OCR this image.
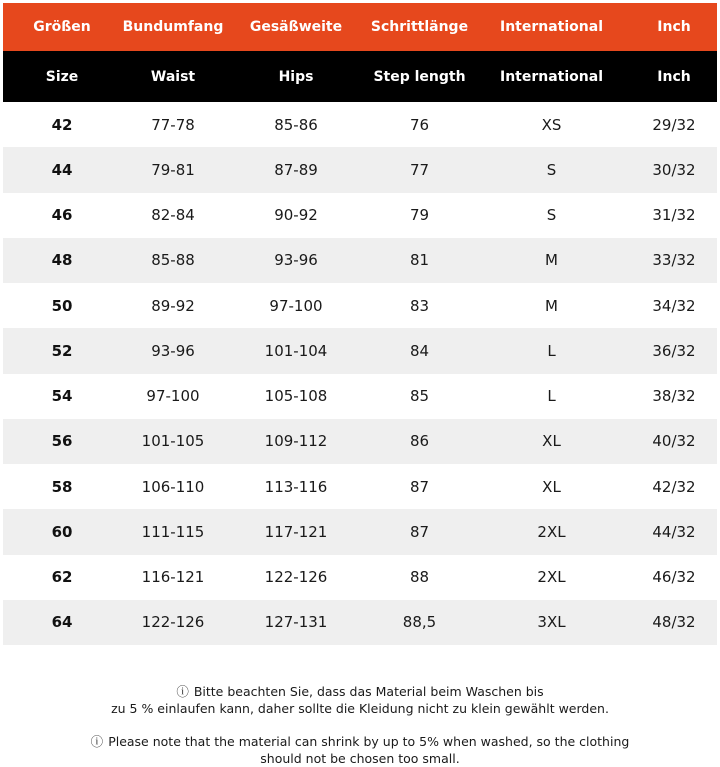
Größen	Bundumfang	Gesäßweite	Schrittlänge	International	Inch
Size	Waist	Hips	Step length	International	Inch
42	77-78	85-86	76	XS	29/32
44	79-81	87-89	77	S	30/32
46	82-84	90-92	79	S	31/32
48	85-88	93-96	81	M	33/32
50	89-92	97-100	83	M	34/32
52	93-96	101-104	84	L	36/32
54	97-100	105-108	85	L	38/32
56	101-105	109-112	86	XL	40/32
58	106-110	113-116	87	XL	42/32
60	111-115	117-121	87	2XL	44/32
62	116-121	122-126	88	2XL	46/32
64	122-126	127-131	88,5	3XL	48/32

ⓘ Bitte beachten Sie, dass das Material beim Waschen bis
zu 5 % einlaufen kann, daher sollte die Kleidung nicht zu klein gewählt werden.

ⓘ Please note that the material can shrink by up to 5% when washed, so the clothing
should not be chosen too small.
